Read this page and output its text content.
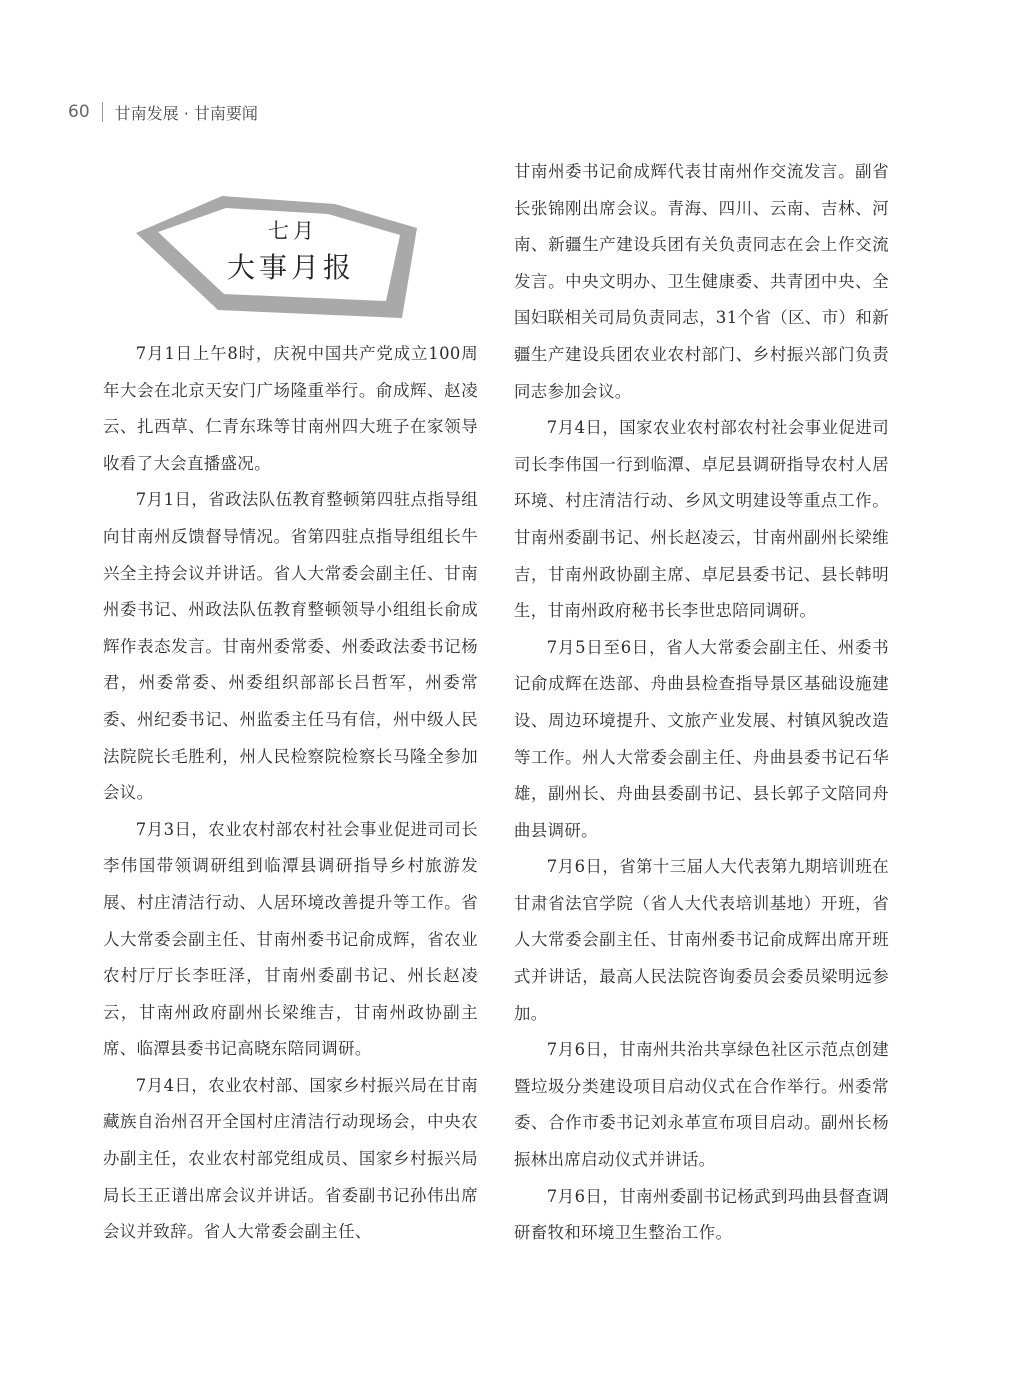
60 甘南发展 · 甘南要闻
七月
大事月报

7月1日上午8时，庆祝中国共产党成立100周年大会在北京天安门广场隆重举行。俞成辉、赵凌云、扎西草、仁青东珠等甘南州四大班子在家领导收看了大会直播盛况。

7月1日，省政法队伍教育整顿第四驻点指导组向甘南州反馈督导情况。省第四驻点指导组组长牛兴全主持会议并讲话。省人大常委会副主任、甘南州委书记、州政法队伍教育整顿领导小组组长俞成辉作表态发言。甘南州委常委、州委政法委书记杨君，州委常委、州委组织部部长吕哲军，州委常委、州纪委书记、州监委主任马有信，州中级人民法院院长毛胜利，州人民检察院检察长马隆全参加会议。

7月3日，农业农村部农村社会事业促进司司长李伟国带领调研组到临潭县调研指导乡村旅游发展、村庄清洁行动、人居环境改善提升等工作。省人大常委会副主任、甘南州委书记俞成辉，省农业农村厅厅长李旺泽，甘南州委副书记、州长赵凌云，甘南州政府副州长梁维吉，甘南州政协副主席、临潭县委书记高晓东陪同调研。

7月4日，农业农村部、国家乡村振兴局在甘南藏族自治州召开全国村庄清洁行动现场会，中央农办副主任，农业农村部党组成员、国家乡村振兴局局长王正谱出席会议并讲话。省委副书记孙伟出席会议并致辞。省人大常委会副主任、

甘南州委书记俞成辉代表甘南州作交流发言。副省长张锦刚出席会议。青海、四川、云南、吉林、河南、新疆生产建设兵团有关负责同志在会上作交流发言。中央文明办、卫生健康委、共青团中央、全国妇联相关司局负责同志，31个省（区、市）和新疆生产建设兵团农业农村部门、乡村振兴部门负责同志参加会议。

7月4日，国家农业农村部农村社会事业促进司司长李伟国一行到临潭、卓尼县调研指导农村人居环境、村庄清洁行动、乡风文明建设等重点工作。甘南州委副书记、州长赵凌云，甘南州副州长梁维吉，甘南州政协副主席、卓尼县委书记、县长韩明生，甘南州政府秘书长李世忠陪同调研。

7月5日至6日，省人大常委会副主任、州委书记俞成辉在迭部、舟曲县检查指导景区基础设施建设、周边环境提升、文旅产业发展、村镇风貌改造等工作。州人大常委会副主任、舟曲县委书记石华雄，副州长、舟曲县委副书记、县长郭子文陪同舟曲县调研。

7月6日，省第十三届人大代表第九期培训班在甘肃省法官学院（省人大代表培训基地）开班，省人大常委会副主任、甘南州委书记俞成辉出席开班式并讲话，最高人民法院咨询委员会委员梁明远参加。

7月6日，甘南州共治共享绿色社区示范点创建暨垃圾分类建设项目启动仪式在合作举行。州委常委、合作市委书记刘永革宣布项目启动。副州长杨振林出席启动仪式并讲话。

7月6日，甘南州委副书记杨武到玛曲县督查调研畜牧和环境卫生整治工作。
